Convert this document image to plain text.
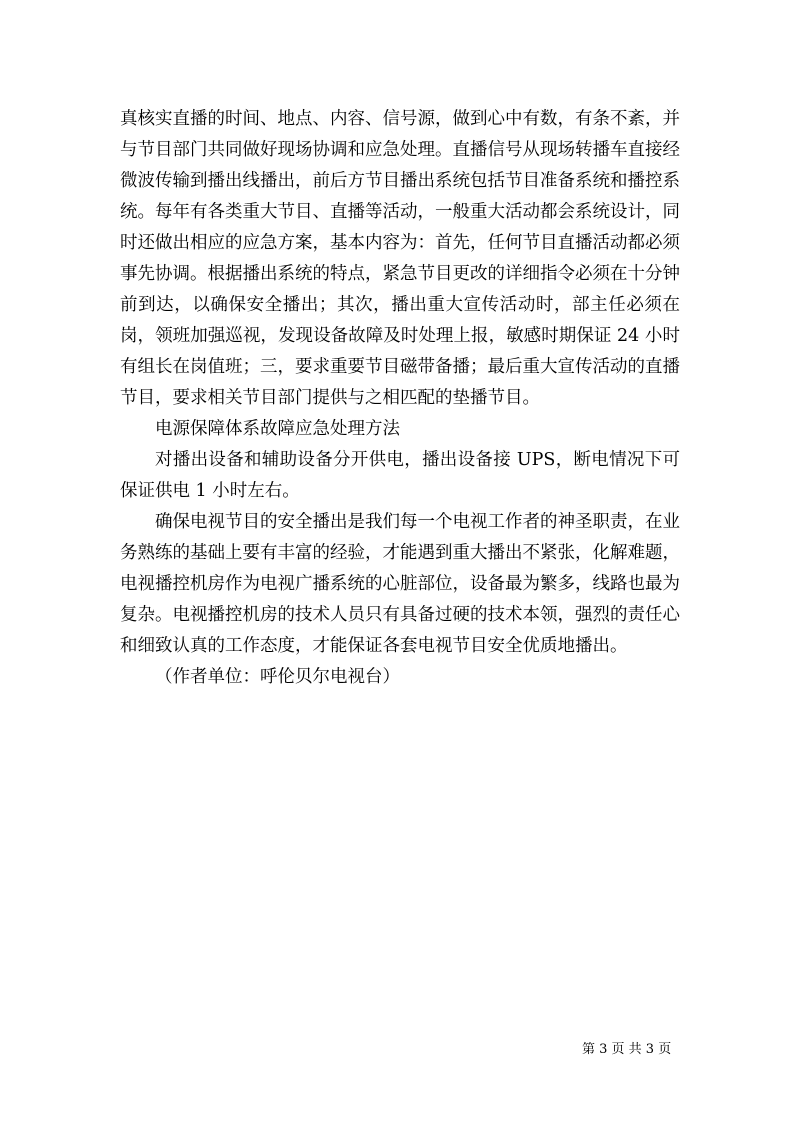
真核实直播的时间、地点、内容、信号源，做到心中有数，有条不紊，并与节目部门共同做好现场协调和应急处理。直播信号从现场转播车直接经微波传输到播出线播出，前后方节目播出系统包括节目准备系统和播控系统。每年有各类重大节目、直播等活动，一般重大活动都会系统设计，同时还做出相应的应急方案，基本内容为：首先，任何节目直播活动都必须事先协调。根据播出系统的特点，紧急节目更改的详细指令必须在十分钟前到达，以确保安全播出；其次，播出重大宣传活动时，部主任必须在岗，领班加强巡视，发现设备故障及时处理上报，敏感时期保证 24 小时有组长在岗值班；三，要求重要节目磁带备播；最后重大宣传活动的直播节目，要求相关节目部门提供与之相匹配的垫播节目。

电源保障体系故障应急处理方法

对播出设备和辅助设备分开供电，播出设备接 UPS，断电情况下可保证供电 1 小时左右。

确保电视节目的安全播出是我们每一个电视工作者的神圣职责，在业务熟练的基础上要有丰富的经验，才能遇到重大播出不紧张，化解难题，电视播控机房作为电视广播系统的心脏部位，设备最为繁多，线路也最为复杂。电视播控机房的技术人员只有具备过硬的技术本领，强烈的责任心和细致认真的工作态度，才能保证各套电视节目安全优质地播出。

（作者单位：呼伦贝尔电视台）

第 3 页 共 3 页
